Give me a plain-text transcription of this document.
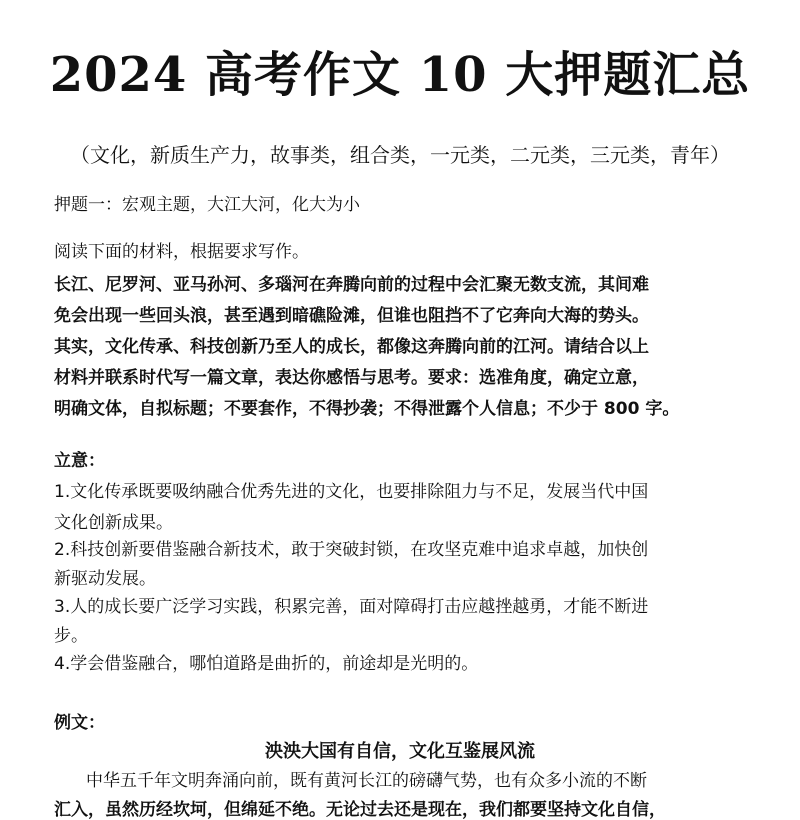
2024 高考作文 10 大押题汇总
（文化，新质生产力，故事类，组合类，一元类，二元类，三元类，青年）
押题一：宏观主题，大江大河，化大为小
阅读下面的材料，根据要求写作。
长江、尼罗河、亚马孙河、多瑙河在奔腾向前的过程中会汇聚无数支流，其间难
免会出现一些回头浪，甚至遇到暗礁险滩，但谁也阻挡不了它奔向大海的势头。
其实，文化传承、科技创新乃至人的成长，都像这奔腾向前的江河。请结合以上
材料并联系时代写一篇文章，表达你感悟与思考。要求：选准角度，确定立意，
明确文体，自拟标题；不要套作，不得抄袭；不得泄露个人信息；不少于 800 字。
立意：
1.文化传承既要吸纳融合优秀先进的文化，也要排除阻力与不足，发展当代中国
文化创新成果。
2.科技创新要借鉴融合新技术，敢于突破封锁，在攻坚克难中追求卓越，加快创
新驱动发展。
3.人的成长要广泛学习实践，积累完善，面对障碍打击应越挫越勇，才能不断进
步。
4.学会借鉴融合，哪怕道路是曲折的，前途却是光明的。
例文：
泱泱大国有自信，文化互鉴展风流
中华五千年文明奔涌向前，既有黄河长江的磅礴气势，也有众多小流的不断
汇入，虽然历经坎坷，但绵延不绝。无论过去还是现在，我们都要坚持文化自信，
